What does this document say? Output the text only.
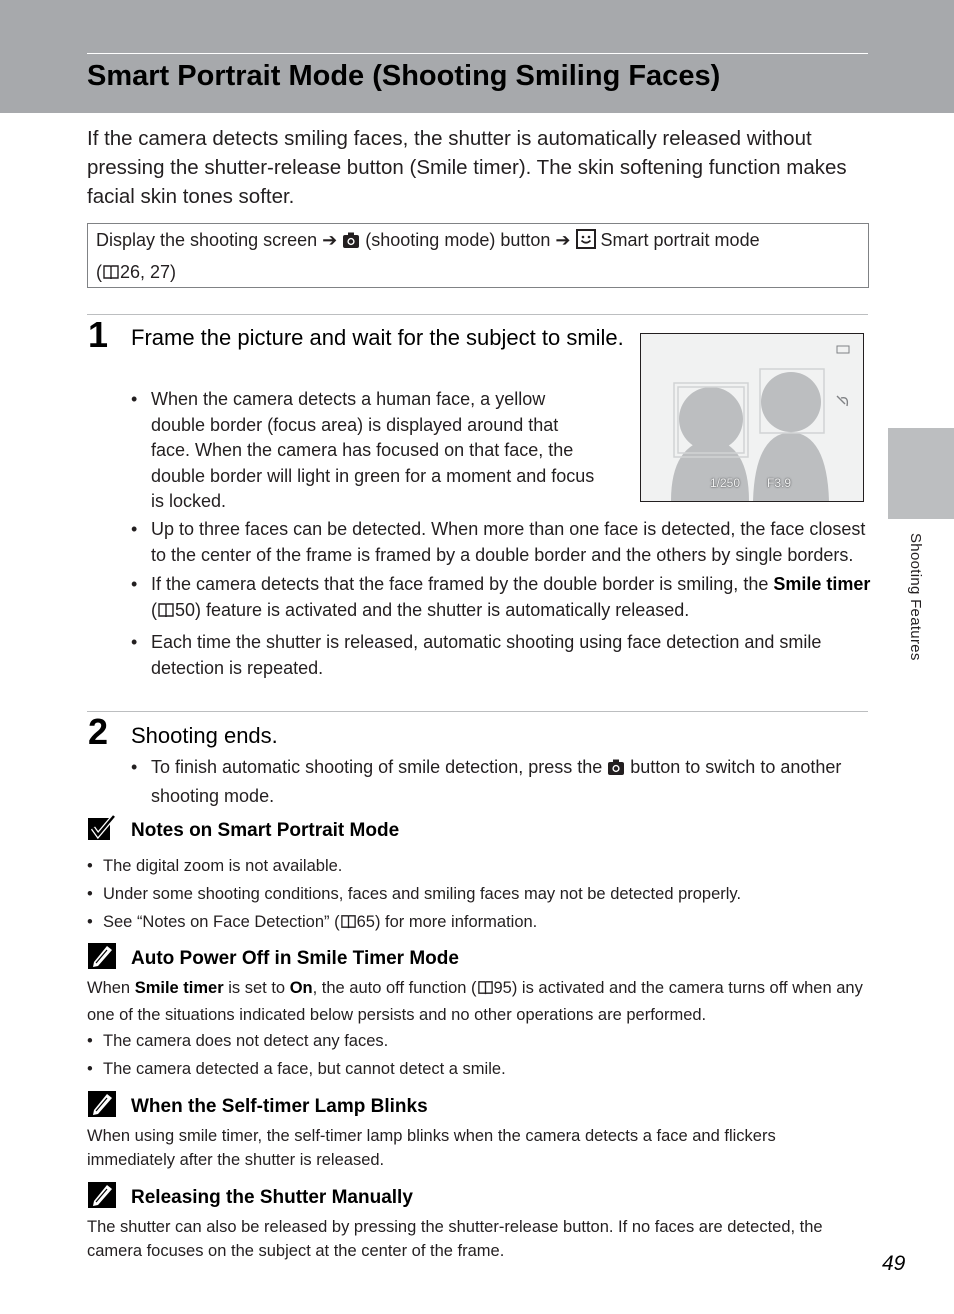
Smart Portrait Mode (Shooting Smiling Faces)
If the camera detects smiling faces, the shutter is automatically released without pressing the shutter-release button (Smile timer). The skin softening function makes facial skin tones softer.
Display the shooting screen ➔ (shooting mode) button ➔ Smart portrait mode
( 26, 27)
1 Frame the picture and wait for the subject to smile.
• When the camera detects a human face, a yellow double border (focus area) is displayed around that face. When the camera has focused on that face, the double border will light in green for a moment and focus is locked.
1/250 F3.9
• Up to three faces can be detected. When more than one face is detected, the face closest to the center of the frame is framed by a double border and the others by single borders.
• If the camera detects that the face framed by the double border is smiling, the Smile timer ( 50) feature is activated and the shutter is automatically released.
• Each time the shutter is released, automatic shooting using face detection and smile detection is repeated.
2 Shooting ends.
• To finish automatic shooting of smile detection, press the  button to switch to another shooting mode.
Notes on Smart Portrait Mode
• The digital zoom is not available.
• Under some shooting conditions, faces and smiling faces may not be detected properly.
• See “Notes on Face Detection” ( 65) for more information.
Auto Power Off in Smile Timer Mode
When Smile timer is set to On, the auto off function ( 95) is activated and the camera turns off when any one of the situations indicated below persists and no other operations are performed.
• The camera does not detect any faces.
• The camera detected a face, but cannot detect a smile.
When the Self-timer Lamp Blinks
When using smile timer, the self-timer lamp blinks when the camera detects a face and flickers immediately after the shutter is released.
Releasing the Shutter Manually
The shutter can also be released by pressing the shutter-release button. If no faces are detected, the camera focuses on the subject at the center of the frame.
Shooting Features
49
